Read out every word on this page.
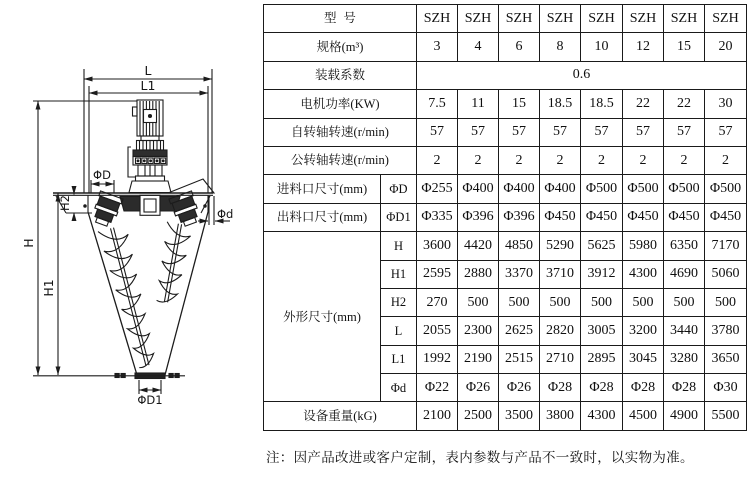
L
L1
ΦD
H2
Φd
H
H1
ΦD1
型号		SZH	SZH	SZH	SZH	SZH	SZH	SZH	SZH
规格(m³)		3	4	6	8	10	12	15	20
装载系数		0.6							
电机功率(KW)		7.5	11	15	18.5	18.5	22	22	30
自转轴转速(r/min)		57	57	57	57	57	57	57	57
公转轴转速(r/min)		2	2	2	2	2	2	2	2
进料口尺寸(mm)	ΦD	Φ255	Φ400	Φ400	Φ400	Φ500	Φ500	Φ500	Φ500
出料口尺寸(mm)	ΦD1	Φ335	Φ396	Φ396	Φ450	Φ450	Φ450	Φ450	Φ450
外形尺寸(mm)	H	3600	4420	4850	5290	5625	5980	6350	7170
	H1	2595	2880	3370	3710	3912	4300	4690	5060
	H2	270	500	500	500	500	500	500	500
	L	2055	2300	2625	2820	3005	3200	3440	3780
	L1	1992	2190	2515	2710	2895	3045	3280	3650
	Φd	Φ22	Φ26	Φ26	Φ28	Φ28	Φ28	Φ28	Φ30
设备重量(kG)		2100	2500	3500	3800	4300	4500	4900	5500
注：因产品改进或客户定制，表内参数与产品不一致时，以实物为准。
